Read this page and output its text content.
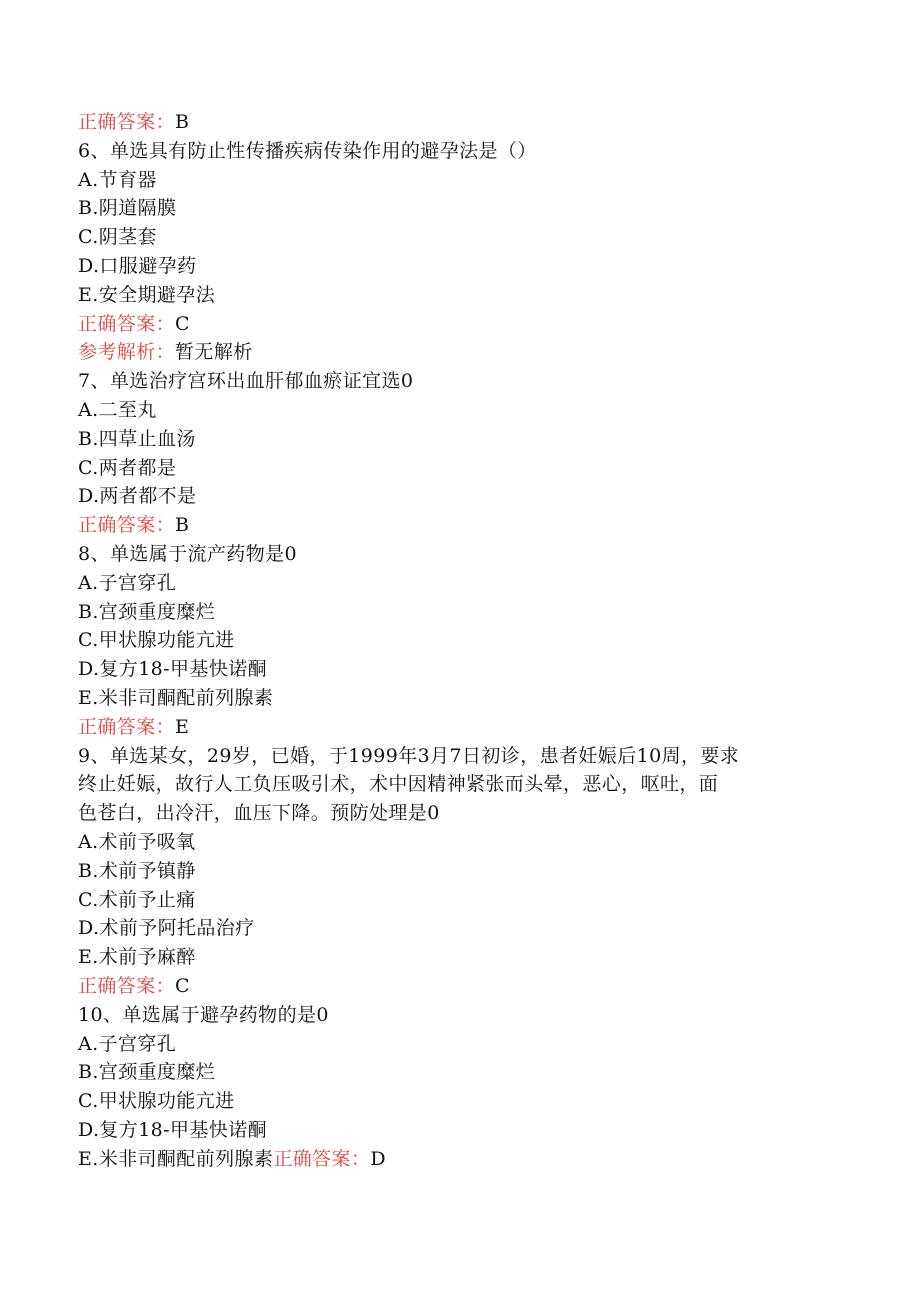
正确答案：B
6、单选具有防止性传播疾病传染作用的避孕法是（）
A.节育器
B.阴道隔膜
C.阴茎套
D.口服避孕药
E.安全期避孕法
正确答案：C
参考解析：暂无解析
7、单选治疗宫环出血肝郁血瘀证宜选0
A.二至丸
B.四草止血汤
C.两者都是
D.两者都不是
正确答案：B
8、单选属于流产药物是0
A.子宫穿孔
B.宫颈重度糜烂
C.甲状腺功能亢进
D.复方18-甲基快诺酮
E.米非司酮配前列腺素
正确答案：E
9、单选某女，29岁，已婚，于1999年3月7日初诊，患者妊娠后10周，要求
终止妊娠，故行人工负压吸引术，术中因精神紧张而头晕，恶心，呕吐，面
色苍白，出冷汗，血压下降。预防处理是0
A.术前予吸氧
B.术前予镇静
C.术前予止痛
D.术前予阿托品治疗
E.术前予麻醉
正确答案：C
10、单选属于避孕药物的是0
A.子宫穿孔
B.宫颈重度糜烂
C.甲状腺功能亢进
D.复方18-甲基快诺酮
E.米非司酮配前列腺素正确答案：D
